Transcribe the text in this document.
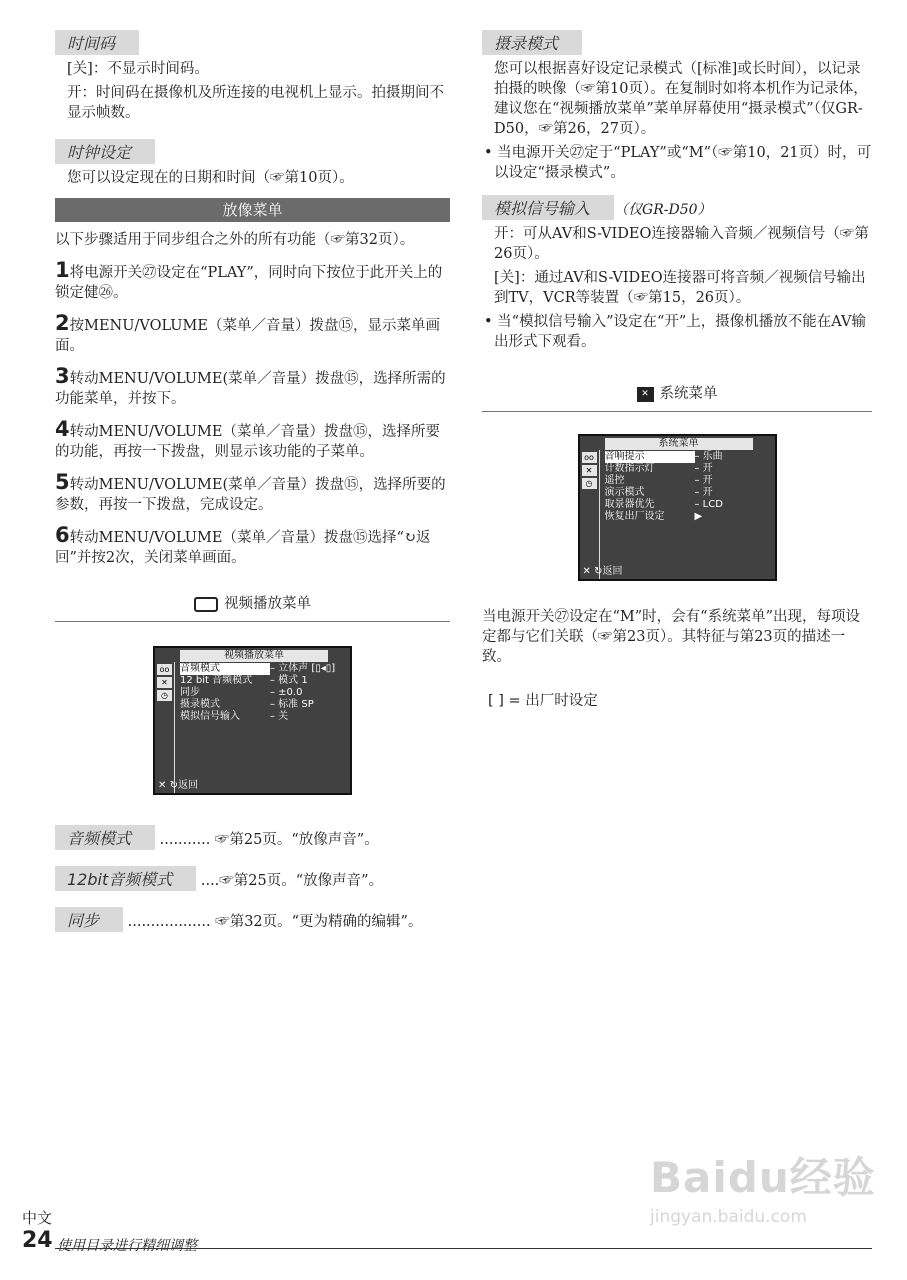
时间码

[关]：不显示时间码。

开：时间码在摄像机及所连接的电视机上显示。拍摄期间不显示帧数。

时钟设定

您可以设定现在的日期和时间（☞第10页）。

放像菜单

以下步骤适用于同步组合之外的所有功能（☞第32页）。

1将电源开关㉗设定在“PLAY”，同时向下按位于此开关上的锁定健㉖。
2按MENU/VOLUME（菜单／音量）拨盘⑮，显示菜单画面。
3转动MENU/VOLUME(菜单／音量）拨盘⑮，选择所需的功能菜单，并按下。
4转动MENU/VOLUME（菜单／音量）拨盘⑮，选择所要的功能，再按一下拨盘，则显示该功能的子菜单。
5转动MENU/VOLUME(菜单／音量）拨盘⑮，选择所要的参数，再按一下拨盘，完成设定。
6转动MENU/VOLUME（菜单／音量）拨盘⑮选择“↻返回”并按2次，关闭菜单画面。
视频播放菜单
视频播放菜单
oo
✕
◷
音频模式	– 立体声 [▯◂▯]
12 bit 音频模式 – 模式 1
同步	– ±0.0
摄录模式	– 标准 SP
模拟信号输入	– 关
✕ ↻返回
音频模式 ........... ☞第25页。“放像声音”。
12bit音频模式 ....☞第25页。“放像声音”。
同步 .................. ☞第32页。“更为精确的编辑”。
摄录模式

您可以根据喜好设定记录模式（[标准]或长时间），以记录拍摄的映像（☞第10页）。在复制时如将本机作为记录体，建议您在“视频播放菜单”菜单屏幕使用“摄录模式”（仅GR-D50，☞第26，27页）。

• 当电源开关㉗定于“PLAY”或“M”（☞第10，21页）时，可以设定“摄录模式”。

模拟信号输入 （仅GR-D50）

开：可从AV和S-VIDEO连接器输入音频／视频信号（☞第26页）。

[关]：通过AV和S-VIDEO连接器可将音频／视频信号输出到TV，VCR等装置（☞第15，26页）。

• 当“模拟信号输入”设定在“开”上，摄像机播放不能在AV输出形式下观看。

✕ 系统菜单
系统菜单
oo
✕
◷
音响提示	– 乐曲
计数指示灯	– 开
遥控	– 开
演示模式	– 开
取景器优先	– LCD
恢复出厂设定	▶
✕ ↻返回

当电源开关㉗设定在“M”时，会有“系统菜单”出现，每项设定都与它们关联（☞第23页）。其特征与第23页的描述一致。

[ ] = 出厂时设定

Baidu经验
jingyan.baidu.com
中文
24 使用目录进行精细调整
